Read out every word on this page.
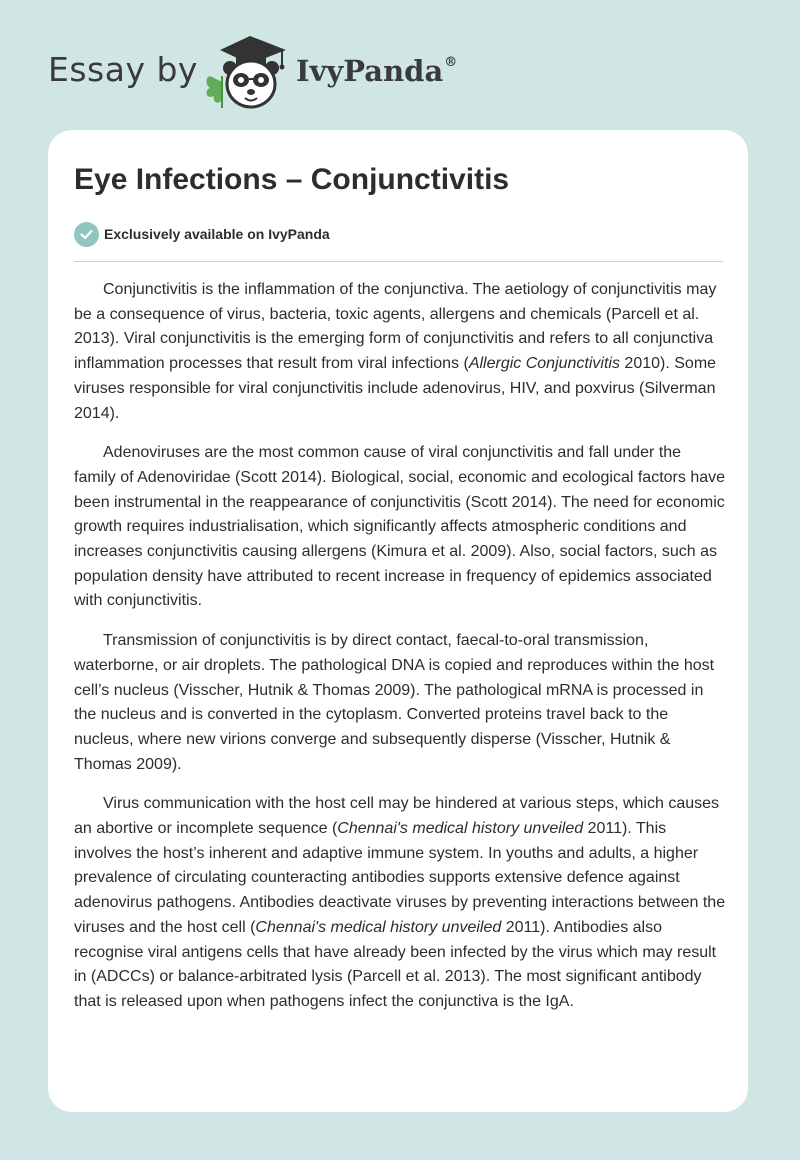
Essay by	IvyPanda®
Eye Infections – Conjunctivitis
Exclusively available on IvyPanda

Conjunctivitis is the inflammation of the conjunctiva. The aetiology of conjunctivitis may be a consequence of virus, bacteria, toxic agents, allergens and chemicals (Parcell et al. 2013). Viral conjunctivitis is the emerging form of conjunctivitis and refers to all conjunctiva inflammation processes that result from viral infections (Allergic Conjunctivitis 2010). Some viruses responsible for viral conjunctivitis include adenovirus, HIV, and poxvirus (Silverman 2014).

Adenoviruses are the most common cause of viral conjunctivitis and fall under the family of Adenoviridae (Scott 2014). Biological, social, economic and ecological factors have been instrumental in the reappearance of conjunctivitis (Scott 2014). The need for economic growth requires industrialisation, which significantly affects atmospheric conditions and increases conjunctivitis causing allergens (Kimura et al. 2009). Also, social factors, such as population density have attributed to recent increase in frequency of epidemics associated with conjunctivitis.

Transmission of conjunctivitis is by direct contact, faecal-to-oral transmission, waterborne, or air droplets. The pathological DNA is copied and reproduces within the host cell’s nucleus (Visscher, Hutnik & Thomas 2009). The pathological mRNA is processed in the nucleus and is converted in the cytoplasm. Converted proteins travel back to the nucleus, where new virions converge and subsequently disperse (Visscher, Hutnik & Thomas 2009).

Virus communication with the host cell may be hindered at various steps, which causes an abortive or incomplete sequence (Chennai's medical history unveiled 2011). This involves the host’s inherent and adaptive immune system. In youths and adults, a higher prevalence of circulating counteracting antibodies supports extensive defence against adenovirus pathogens. Antibodies deactivate viruses by preventing interactions between the viruses and the host cell (Chennai's medical history unveiled 2011). Antibodies also recognise viral antigens cells that have already been infected by the virus which may result in (ADCCs) or balance-arbitrated lysis (Parcell et al. 2013). The most significant antibody that is released upon when pathogens infect the conjunctiva is the IgA.
